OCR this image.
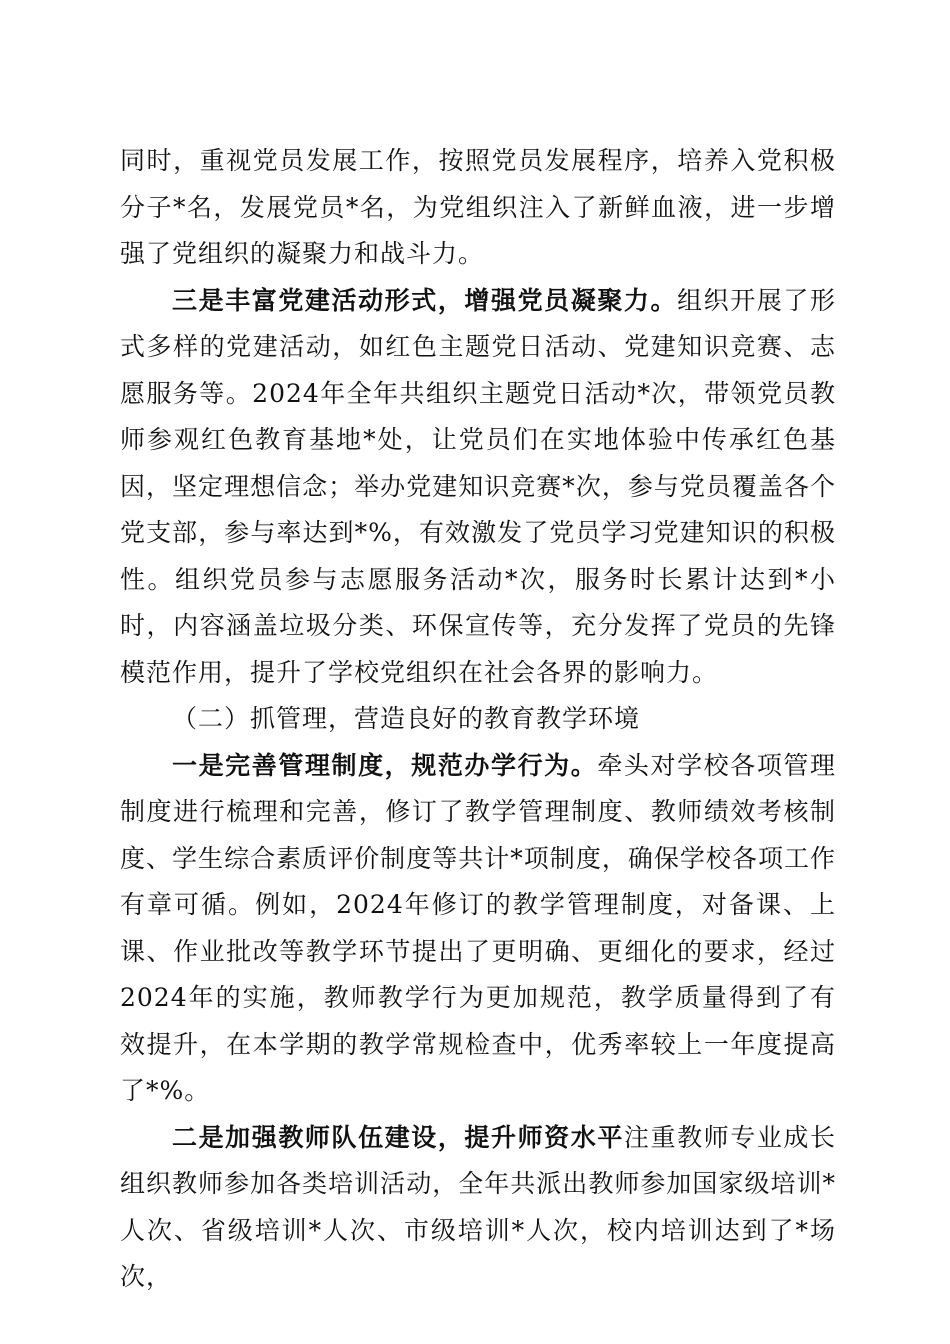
同时，重视党员发展工作，按照党员发展程序，培养入党积极分子*名，发展党员*名，为党组织注入了新鲜血液，进一步增强了党组织的凝聚力和战斗力。

三是丰富党建活动形式，增强党员凝聚力。组织开展了形式多样的党建活动，如红色主题党日活动、党建知识竞赛、志愿服务等。2024年全年共组织主题党日活动*次，带领党员教师参观红色教育基地*处，让党员们在实地体验中传承红色基因，坚定理想信念；举办党建知识竞赛*次，参与党员覆盖各个党支部，参与率达到*%，有效激发了党员学习党建知识的积极性。组织党员参与志愿服务活动*次，服务时长累计达到*小时，内容涵盖垃圾分类、环保宣传等，充分发挥了党员的先锋模范作用，提升了学校党组织在社会各界的影响力。

（二）抓管理，营造良好的教育教学环境

一是完善管理制度，规范办学行为。牵头对学校各项管理制度进行梳理和完善，修订了教学管理制度、教师绩效考核制度、学生综合素质评价制度等共计*项制度，确保学校各项工作有章可循。例如，2024年修订的教学管理制度，对备课、上课、作业批改等教学环节提出了更明确、更细化的要求，经过2024年的实施，教师教学行为更加规范，教学质量得到了有效提升，在本学期的教学常规检查中，优秀率较上一年度提高了*%。

二是加强教师队伍建设，提升师资水平注重教师专业成长组织教师参加各类培训活动，全年共派出教师参加国家级培训*人次、省级培训*人次、市级培训*人次，校内培训达到了*场次，
